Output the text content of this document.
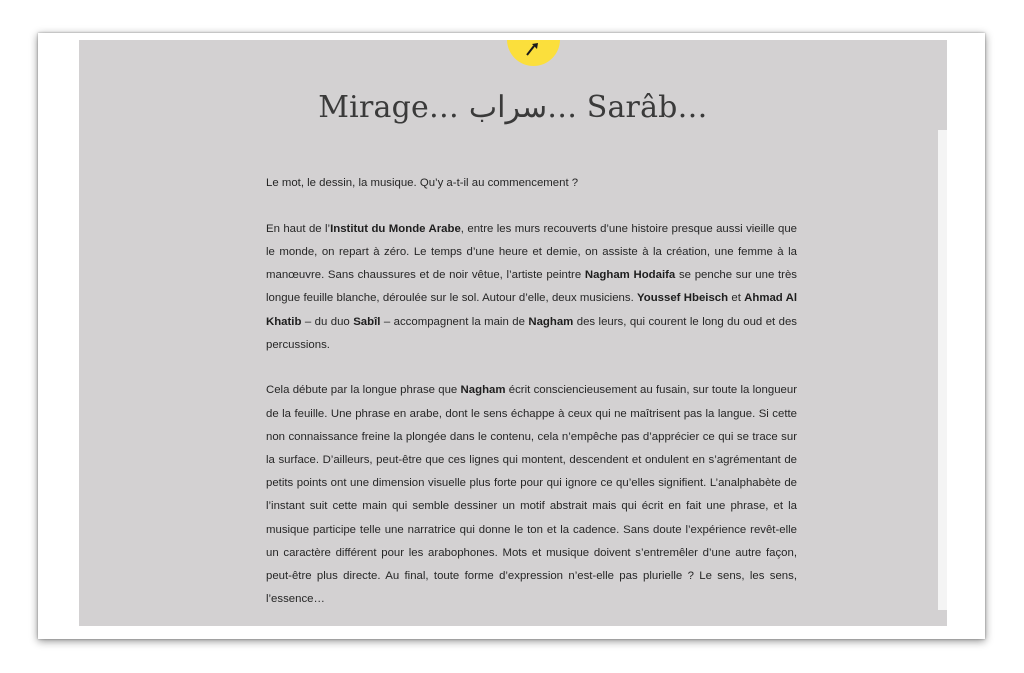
Mirage… سراب… Sarâb…

Le mot, le dessin, la musique. Qu’y a-t-il au commencement ?

En haut de l’Institut du Monde Arabe, entre les murs recouverts d’une histoire presque aussi vieille que le monde, on repart à zéro. Le temps d’une heure et demie, on assiste à la création, une femme à la manœuvre. Sans chaussures et de noir vêtue, l’artiste peintre Nagham Hodaifa se penche sur une très longue feuille blanche, déroulée sur le sol. Autour d’elle, deux musiciens. Youssef Hbeisch et Ahmad Al Khatib – du duo Sabîl – accompagnent la main de Nagham des leurs, qui courent le long du oud et des percussions.

Cela débute par la longue phrase que Nagham écrit consciencieusement au fusain, sur toute la longueur de la feuille. Une phrase en arabe, dont le sens échappe à ceux qui ne maîtrisent pas la langue. Si cette non connaissance freine la plongée dans le contenu, cela n’empêche pas d’apprécier ce qui se trace sur la surface. D’ailleurs, peut-être que ces lignes qui montent, descendent et ondulent en s’agrémentant de petits points ont une dimension visuelle plus forte pour qui ignore ce qu’elles signifient. L’analphabète de l’instant suit cette main qui semble dessiner un motif abstrait mais qui écrit en fait une phrase, et la musique participe telle une narratrice qui donne le ton et la cadence. Sans doute l’expérience revêt-elle un caractère différent pour les arabophones. Mots et musique doivent s’entremêler d’une autre façon, peut-être plus directe. Au final, toute forme d’expression n’est-elle pas plurielle ? Le sens, les sens, l’essence…
